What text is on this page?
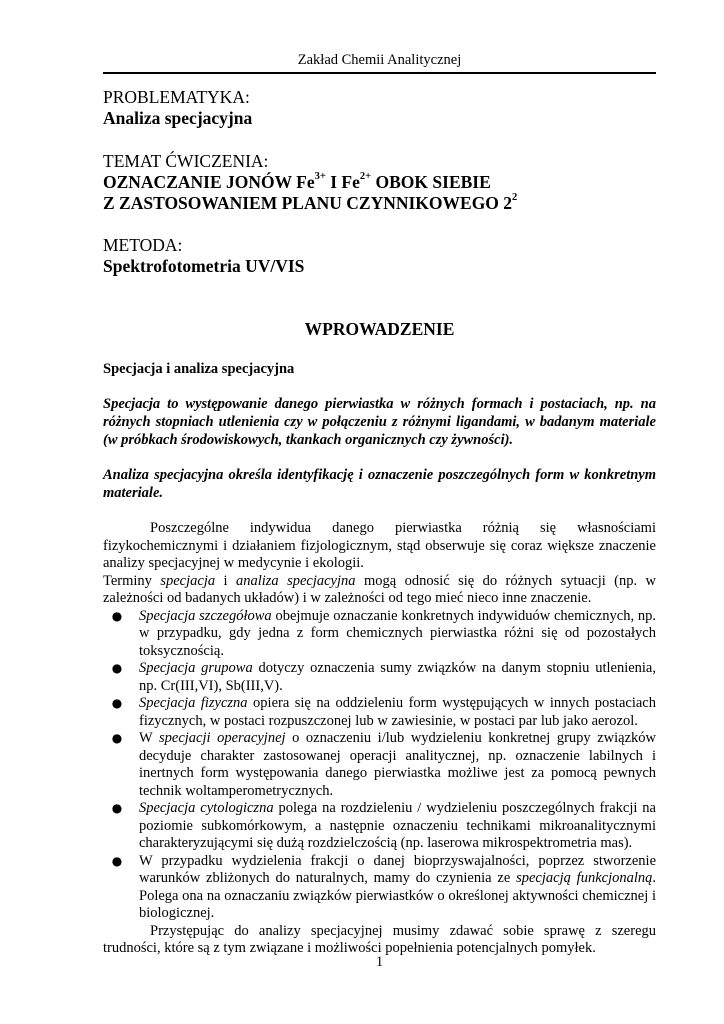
Zakład Chemii Analitycznej
PROBLEMATYKA:
Analiza specjacyjna
TEMAT ĆWICZENIA:
OZNACZANIE JONÓW $Fe^{3+}$ I $Fe^{2+}$ OBOK SIEBIE
Z ZASTOSOWANIEM PLANU CZYNNIKOWEGO $2^2$
METODA:
Spektrofotometria UV/VIS
WPROWADZENIE
Specjacja i analiza specjacyjna
Specjacja to występowanie danego pierwiastka w różnych formach i postaciach, np. na różnych stopniach utlenienia czy w połączeniu z różnymi ligandami, w badanym materiale (w próbkach środowiskowych, tkankach organicznych czy żywności).
Analiza specjacyjna określa identyfikację i oznaczenie poszczególnych form w konkretnym materiale.

Poszczególne indywidua danego pierwiastka różnią się własnościami fizykochemicznymi i działaniem fizjologicznym, stąd obserwuje się coraz większe znaczenie analizy specjacyjnej w medycynie i ekologii.

Terminy specjacja i analiza specjacyjna mogą odnosić się do różnych sytuacji (np. w zależności od badanych układów) i w zależności od tego mieć nieco inne znaczenie.

●	Specjacja szczegółowa obejmuje oznaczanie konkretnych indywiduów chemicznych, np. w przypadku, gdy jedna z form chemicznych pierwiastka różni się od pozostałych toksycznością.
●	Specjacja grupowa dotyczy oznaczenia sumy związków na danym stopniu utlenienia, np. Cr(III,VI), Sb(III,V).
●	Specjacja fizyczna opiera się na oddzieleniu form występujących w innych postaciach fizycznych, w postaci rozpuszczonej lub w zawiesinie, w postaci par lub jako aerozol.
●	W specjacji operacyjnej o oznaczeniu i/lub wydzieleniu konkretnej grupy związków decyduje charakter zastosowanej operacji analitycznej, np. oznaczenie labilnych i inertnych form występowania danego pierwiastka możliwe jest za pomocą pewnych technik woltamperometrycznych.
●	Specjacja cytologiczna polega na rozdzieleniu / wydzieleniu poszczególnych frakcji na poziomie subkomórkowym, a następnie oznaczeniu technikami mikroanalitycznymi charakteryzującymi się dużą rozdzielczością (np. laserowa mikrospektrometria mas).
●	W przypadku wydzielenia frakcji o danej bioprzyswajalności, poprzez stworzenie warunków zbliżonych do naturalnych, mamy do czynienia ze specjacją funkcjonalną. Polega ona na oznaczaniu związków pierwiastków o określonej aktywności chemicznej i biologicznej.

Przystępując do analizy specjacyjnej musimy zdawać sobie sprawę z szeregu trudności, które są z tym związane i możliwości popełnienia potencjalnych pomyłek.

1
